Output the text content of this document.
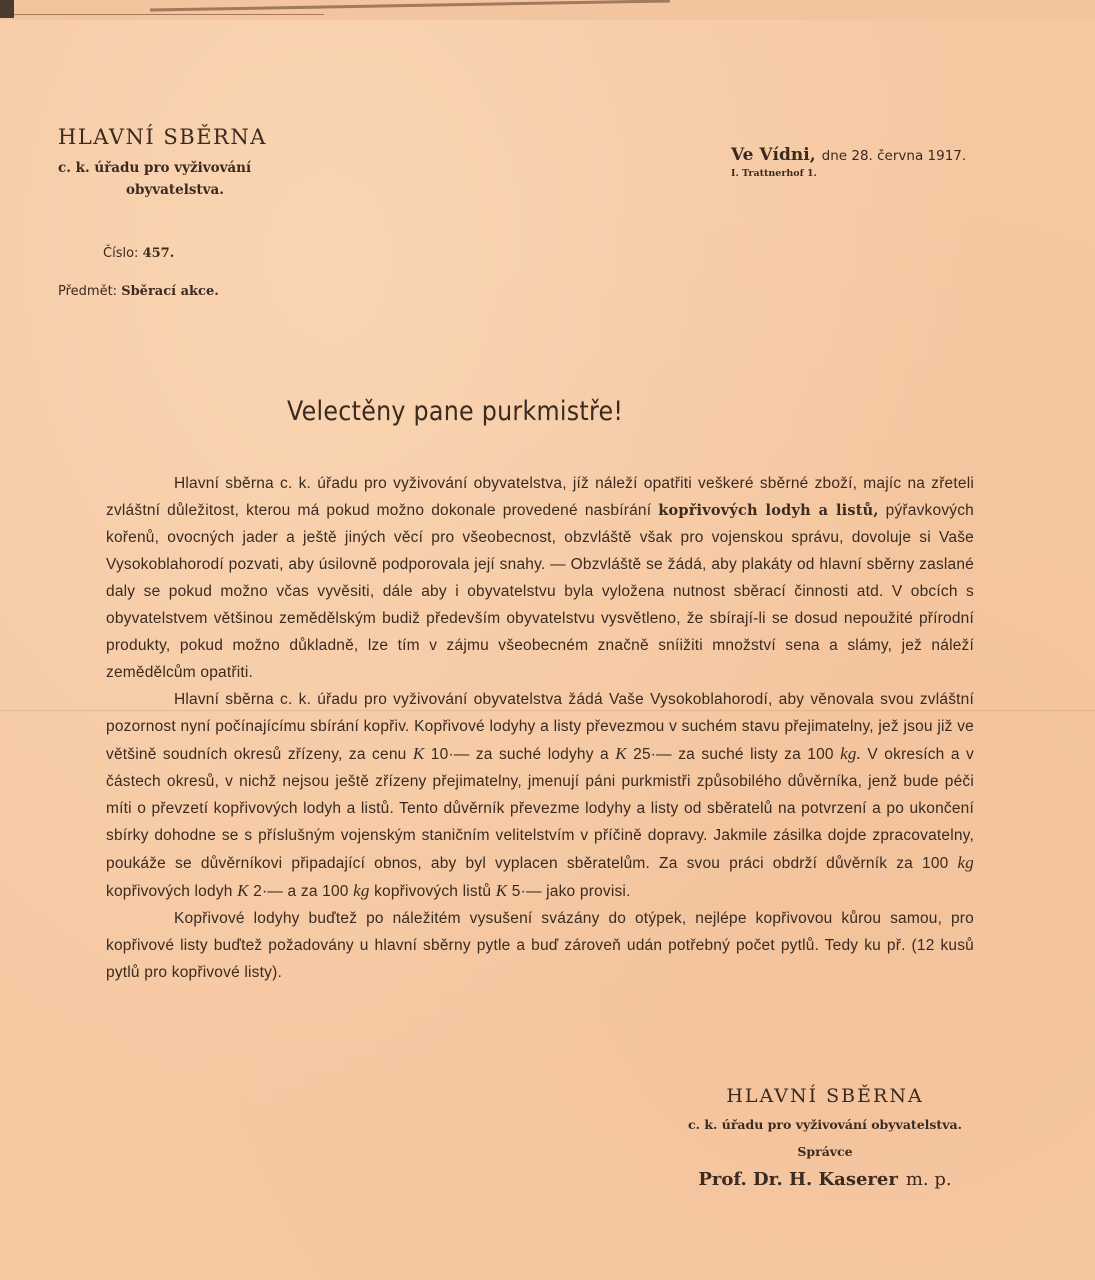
HLAVNÍ SBĚRNA
c. k. úřadu pro vyživování
obyvatelstva.
Číslo: 457.
Předmět: Sběrací akce.
Ve Vídni, dne 28. června 1917.
I. Trattnerhof 1.
Velectěny pane purkmistře!

Hlavní sběrna c. k. úřadu pro vyživování obyvatelstva, jíž náleží opatřiti veškeré sběrné zboží, majíc na zřeteli zvláštní důležitost, kterou má pokud možno dokonale provedené nasbírání kopřivových lodyh a listů, pýřavkových kořenů, ovocných jader a ještě jiných věcí pro všeobecnost, obzvláště však pro vojenskou správu, dovoluje si Vaše Vysokoblahorodí pozvati, aby úsilovně podporovala její snahy. — Obzvláště se žádá, aby plakáty od hlavní sběrny zaslané daly se pokud možno včas vyvěsiti, dále aby i obyvatelstvu byla vyložena nutnost sběrací činnosti atd. V obcích s obyvatelstvem většinou zemědělským budiž především obyvatelstvu vysvětleno, že sbírají-li se dosud nepoužité přírodní produkty, pokud možno důkladně, lze tím v zájmu všeobecném značně sníižiti množství sena a slámy, jež náleží zemědělcům opatřiti.

Hlavní sběrna c. k. úřadu pro vyživování obyvatelstva žádá Vaše Vysokoblahorodí, aby věnovala svou zvláštní pozornost nyní počínajícímu sbírání kopřiv. Kopřivové lodyhy a listy převezmou v suchém stavu přejimatelny, jež jsou již ve většině soudních okresů zřízeny, za cenu K 10·— za suché lodyhy a K 25·— za suché listy za 100 kg. V okresích a v částech okresů, v nichž nejsou ještě zřízeny přejimatelny, jmenují páni purkmistři způsobilého důvěrníka, jenž bude péči míti o převzetí kopřivových lodyh a listů. Tento důvěrník převezme lodyhy a listy od sběratelů na potvrzení a po ukončení sbírky dohodne se s příslušným vojenským staničním velitelstvím v příčině dopravy. Jakmile zásilka dojde zpracovatelny, poukáže se důvěrníkovi připadající obnos, aby byl vyplacen sběratelům. Za svou práci obdrží důvěrník za 100 kg kopřivových lodyh K 2·— a za 100 kg kopřivových listů K 5·— jako provisi.

Kopřivové lodyhy buďtež po náležitém vysušení svázány do otýpek, nejlépe kopřivovou kůrou samou, pro kopřivové listy buďtež požadovány u hlavní sběrny pytle a buď zároveň udán potřebný počet pytlů. Tedy ku př. (12 kusů pytlů pro kopřivové listy).

HLAVNÍ SBĚRNA
c. k. úřadu pro vyživování obyvatelstva.
Správce
Prof. Dr. H. Kaserer m. p.
